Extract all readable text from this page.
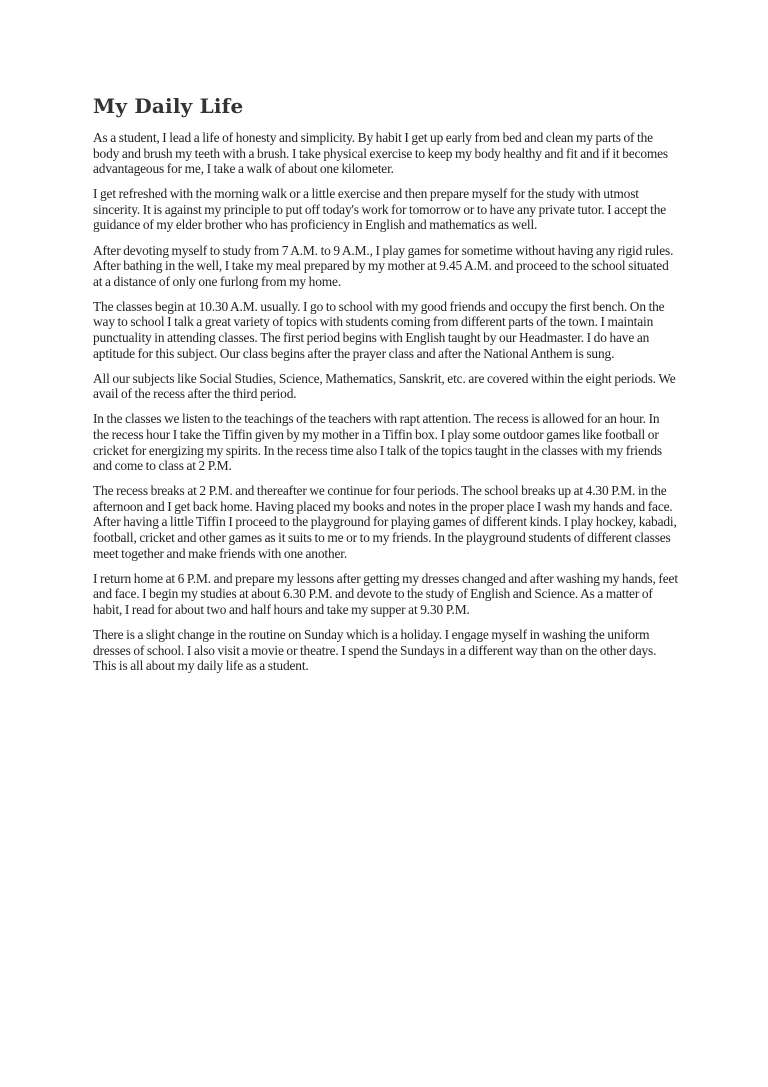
My Daily Life

As a student, I lead a life of honesty and simplicity. By habit I get up early from bed and clean my parts of the body and brush my teeth with a brush. I take physical exercise to keep my body healthy and fit and if it becomes advantageous for me, I take a walk of about one kilometer.

I get refreshed with the morning walk or a little exercise and then prepare myself for the study with utmost sincerity. It is against my principle to put off today's work for tomorrow or to have any private tutor. I accept the guidance of my elder brother who has proficiency in English and mathematics as well.

After devoting myself to study from 7 A.M. to 9 A.M., I play games for sometime without having any rigid rules. After bathing in the well, I take my meal prepared by my mother at 9.45 A.M. and proceed to the school situated at a distance of only one furlong from my home.

The classes begin at 10.30 A.M. usually. I go to school with my good friends and occupy the first bench. On the way to school I talk a great variety of topics with students coming from different parts of the town. I maintain punctuality in attending classes. The first period begins with English taught by our Headmaster. I do have an aptitude for this subject. Our class begins after the prayer class and after the National Anthem is sung.

All our subjects like Social Studies, Science, Mathematics, Sanskrit, etc. are covered within the eight periods. We avail of the recess after the third period.

In the classes we listen to the teachings of the teachers with rapt attention. The recess is allowed for an hour. In the recess hour I take the Tiffin given by my mother in a Tiffin box. I play some outdoor games like football or cricket for energizing my spirits. In the recess time also I talk of the topics taught in the classes with my friends and come to class at 2 P.M.

The recess breaks at 2 P.M. and thereafter we continue for four periods. The school breaks up at 4.30 P.M. in the afternoon and I get back home. Having placed my books and notes in the proper place I wash my hands and face. After having a little Tiffin I proceed to the playground for playing games of different kinds. I play hockey, kabadi, football, cricket and other games as it suits to me or to my friends. In the playground students of different classes meet together and make friends with one another.

I return home at 6 P.M. and prepare my lessons after getting my dresses changed and after washing my hands, feet and face. I begin my studies at about 6.30 P.M. and devote to the study of English and Science. As a matter of habit, I read for about two and half hours and take my supper at 9.30 P.M.

There is a slight change in the routine on Sunday which is a holiday. I engage myself in washing the uniform dresses of school. I also visit a movie or theatre. I spend the Sundays in a different way than on the other days. This is all about my daily life as a student.
